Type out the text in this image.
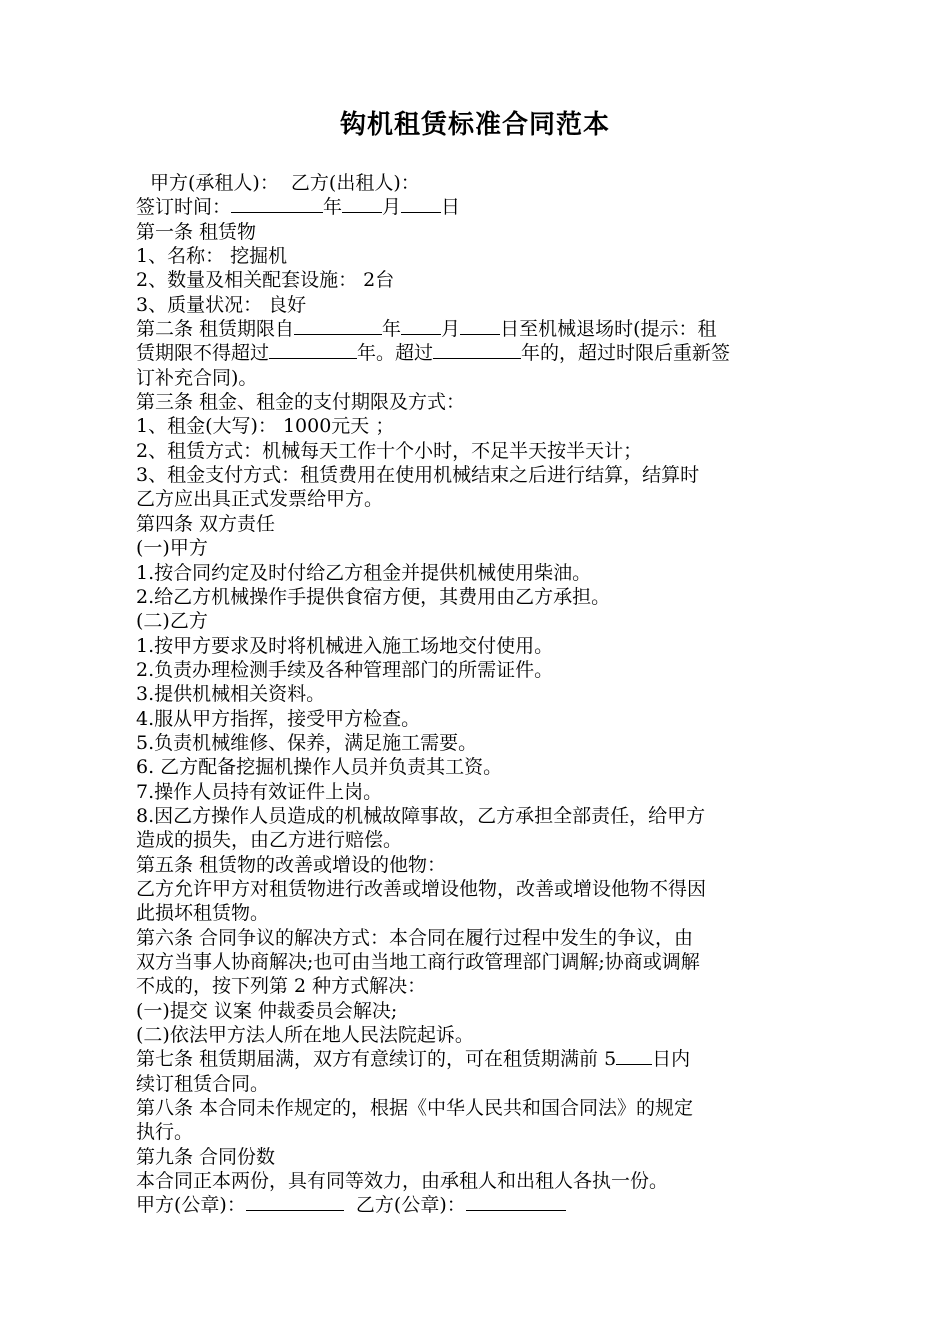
钩机租赁标准合同范本
甲方(承租人)： 乙方(出租人)：
签订时间：	年 月 日
第一条 租赁物
1、名称： 挖掘机
2、数量及相关配套设施： 2台
3、质量状况： 良好
第二条 租赁期限自	年 月 日至机械退场时(提示：租
赁期限不得超过	年。超过	年的，超过时限后重新签
订补充合同)。
第三条 租金、租金的支付期限及方式：
1、租金(大写)： 1000元天 ；
2、租赁方式：机械每天工作十个小时，不足半天按半天计；
3、租金支付方式：租赁费用在使用机械结束之后进行结算，结算时
乙方应出具正式发票给甲方。
第四条 双方责任
(一)甲方
1.按合同约定及时付给乙方租金并提供机械使用柴油。
2.给乙方机械操作手提供食宿方便，其费用由乙方承担。
(二)乙方
1.按甲方要求及时将机械进入施工场地交付使用。
2.负责办理检测手续及各种管理部门的所需证件。
3.提供机械相关资料。
4.服从甲方指挥，接受甲方检查。
5.负责机械维修、保养，满足施工需要。
6. 乙方配备挖掘机操作人员并负责其工资。
7.操作人员持有效证件上岗。
8.因乙方操作人员造成的机械故障事故，乙方承担全部责任，给甲方
造成的损失，由乙方进行赔偿。
第五条 租赁物的改善或增设的他物：
乙方允许甲方对租赁物进行改善或增设他物，改善或增设他物不得因
此损坏租赁物。
第六条 合同争议的解决方式：本合同在履行过程中发生的争议，由
双方当事人协商解决;也可由当地工商行政管理部门调解;协商或调解
不成的，按下列第 2 种方式解决：
(一)提交 议案 仲裁委员会解决;
(二)依法甲方法人所在地人民法院起诉。
第七条 租赁期届满，双方有意续订的，可在租赁期满前 5 日内
续订租赁合同。
第八条 本合同未作规定的，根据《中华人民共和国合同法》的规定
执行。
第九条 合同份数
本合同正本两份，具有同等效力，由承租人和出租人各执一份。
甲方(公章)：	乙方(公章)：
